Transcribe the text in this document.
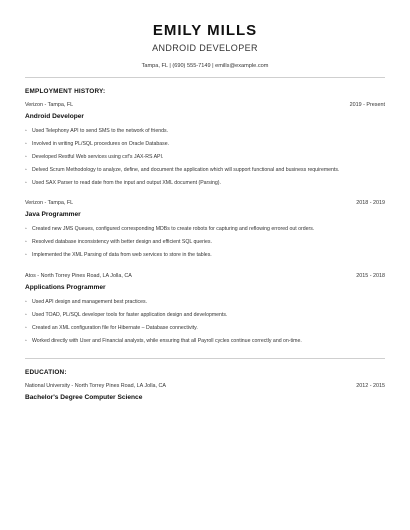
EMILY MILLS
ANDROID DEVELOPER
Tampa, FL | (690) 555-7149 | emills@example.com
EMPLOYMENT HISTORY:
Verizon - Tampa, FL	2019 - Present
Android Developer
◦ Used Telephony API to send SMS to the network of friends.
◦ Involved in writing PL/SQL procedures on Oracle Database.
◦ Developed Restful Web services using cxf’s JAX-RS API.
◦ Delved Scrum Methodology to analyze, define, and document the application which will support functional and business requirements.
◦ Used SAX Parser to read date from the input and output XML document (Parsing).
Verizon - Tampa, FL	2018 - 2019
Java Programmer
◦ Created new JMS Queues, configured corresponding MDBs to create robots for capturing and reflowing errored out orders.
◦ Resolved database inconsistency with better design and efficient SQL queries.
◦ Implemented the XML Parsing of data from web services to store in the tables.
Atos - North Torrey Pines Road, LA Jolla, CA	2015 - 2018
Applications Programmer
◦ Used API design and management best practices.
◦ Used TOAD, PL/SQL developer tools for faster application design and developments.
◦ Created an XML configuration file for Hibernate – Database connectivity.
◦ Worked directly with User and Financial analysts, while ensuring that all Payroll cycles continue correctly and on-time.
EDUCATION:
National University - North Torrey Pines Road, LA Jolla, CA	2012 - 2015
Bachelor's Degree Computer Science
